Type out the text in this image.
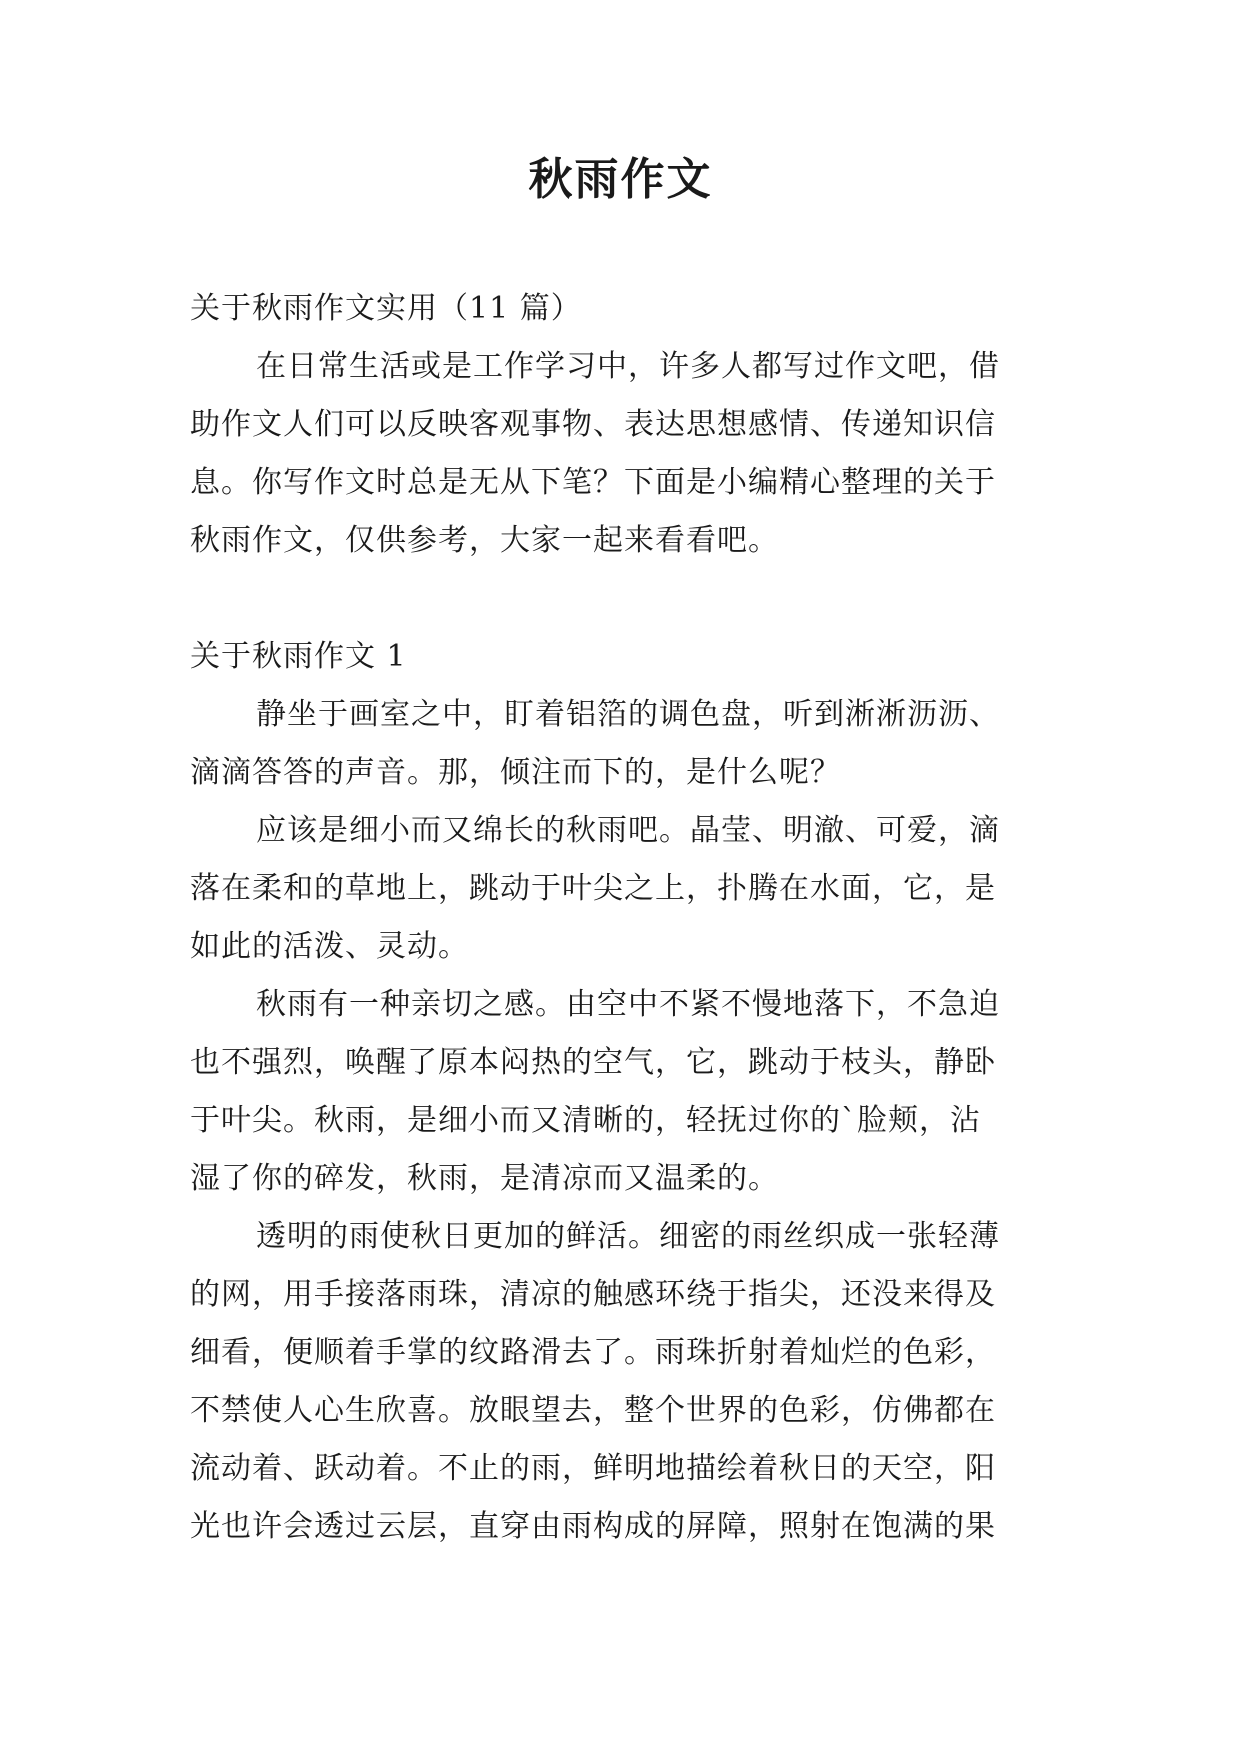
秋雨作文

关于秋雨作文实用（11 篇）

在日常生活或是工作学习中，许多人都写过作文吧，借

助作文人们可以反映客观事物、表达思想感情、传递知识信

息。你写作文时总是无从下笔？下面是小编精心整理的关于

秋雨作文，仅供参考，大家一起来看看吧。

关于秋雨作文 1

静坐于画室之中，盯着铝箔的调色盘，听到淅淅沥沥、

滴滴答答的声音。那，倾注而下的，是什么呢？

应该是细小而又绵长的秋雨吧。晶莹、明澈、可爱，滴

落在柔和的草地上，跳动于叶尖之上，扑腾在水面，它，是

如此的活泼、灵动。

秋雨有一种亲切之感。由空中不紧不慢地落下，不急迫

也不强烈，唤醒了原本闷热的空气，它，跳动于枝头，静卧

于叶尖。秋雨，是细小而又清晰的，轻抚过你的`脸颊，沾

湿了你的碎发，秋雨，是清凉而又温柔的。

透明的雨使秋日更加的鲜活。细密的雨丝织成一张轻薄

的网，用手接落雨珠，清凉的触感环绕于指尖，还没来得及

细看，便顺着手掌的纹路滑去了。雨珠折射着灿烂的色彩，

不禁使人心生欣喜。放眼望去，整个世界的色彩，仿佛都在

流动着、跃动着。不止的雨，鲜明地描绘着秋日的天空，阳

光也许会透过云层，直穿由雨构成的屏障，照射在饱满的果
